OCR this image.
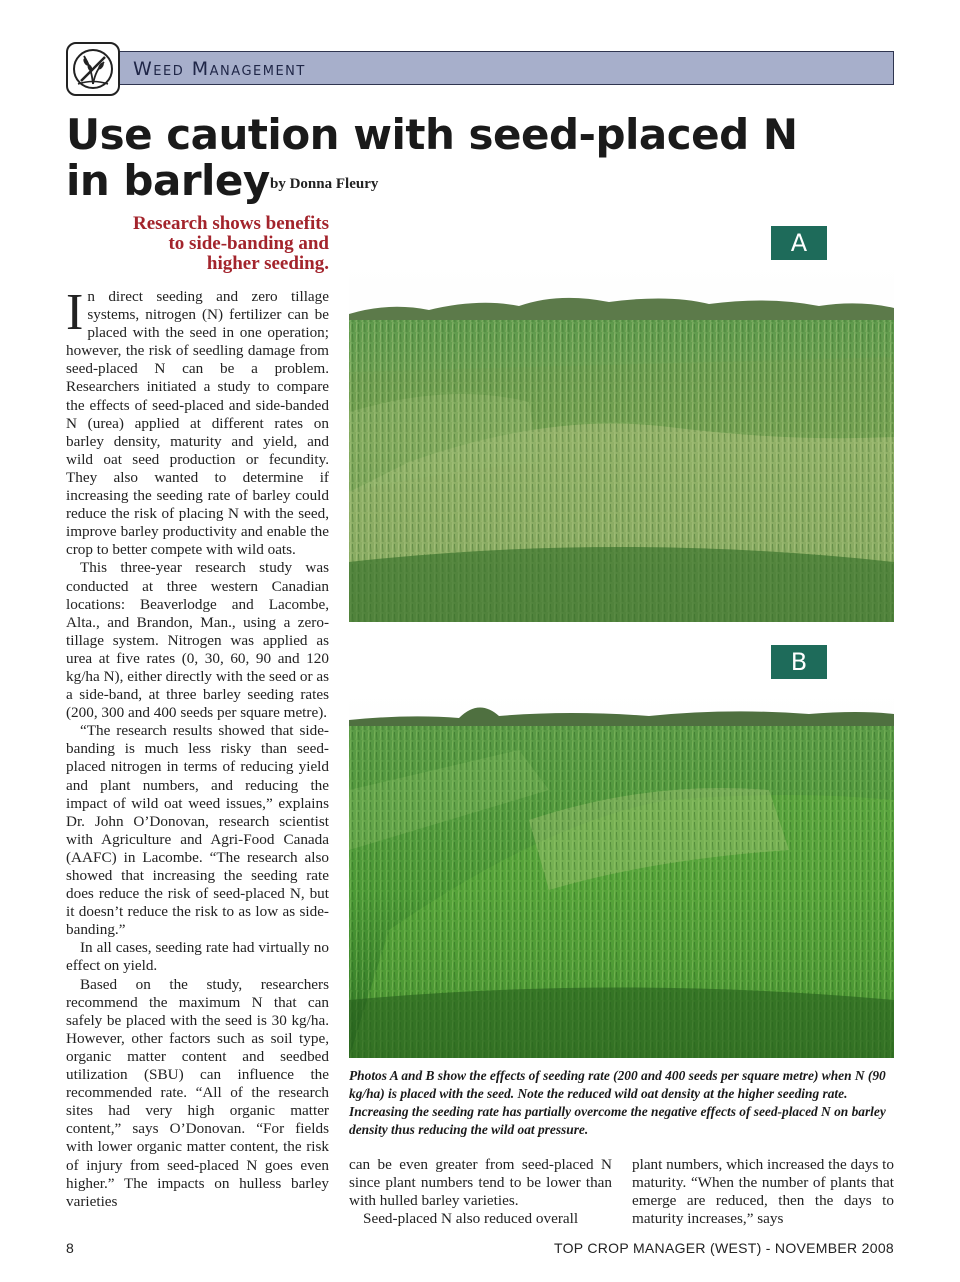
Weed Management
Use caution with seed-placed N
in barley by Donna Fleury
Research shows benefits
to side-banding and
higher seeding.

In direct seeding and zero tillage systems, nitrogen (N) fertilizer can be placed with the seed in one operation; however, the risk of seedling damage from seed-placed N can be a problem. Researchers initiated a study to compare the effects of seed-placed and side-banded N (urea) applied at different rates on barley density, maturity and yield, and wild oat seed production or fecundity. They also wanted to determine if increasing the seeding rate of barley could reduce the risk of placing N with the seed, improve barley productivity and enable the crop to better compete with wild oats.

This three-year research study was conducted at three western Canadian locations: Beaverlodge and Lacombe, Alta., and Brandon, Man., using a zero-tillage system. Nitrogen was applied as urea at five rates (0, 30, 60, 90 and 120 kg/ha N), either directly with the seed or as a side-band, at three barley seeding rates (200, 300 and 400 seeds per square metre).

“The research results showed that side-banding is much less risky than seed-placed nitrogen in terms of reducing yield and plant numbers, and reducing the impact of wild oat weed issues,” explains Dr. John O’Donovan, research scientist with Agriculture and Agri-Food Canada (AAFC) in Lacombe. “The research also showed that increasing the seeding rate does reduce the risk of seed-placed N, but it doesn’t reduce the risk to as low as side-banding.”

In all cases, seeding rate had virtually no effect on yield.

Based on the study, researchers recommend the maximum N that can safely be placed with the seed is 30 kg/ha. However, other factors such as soil type, organic matter content and seedbed utilization (SBU) can influence the recommended rate. “All of the research sites had very high organic matter content,” says O’Donovan. “For fields with lower organic matter content, the risk of injury from seed-placed N goes even higher.” The impacts on hulless barley varieties

A
B
Photos A and B show the effects of seeding rate (200 and 400 seeds per square metre) when N (90 kg/ha) is placed with the seed. Note the reduced wild oat density at the higher seeding rate. Increasing the seeding rate has partially overcome the negative effects of seed-placed N on barley density thus reducing the wild oat pressure.

can be even greater from seed-placed N since plant numbers tend to be lower than with hulled barley varieties.

Seed-placed N also reduced overall

plant numbers, which increased the days to maturity. “When the number of plants that emerge are reduced, then the days to maturity increases,” says

8	TOP CROP MANAGER (WEST) - NOVEMBER 2008
